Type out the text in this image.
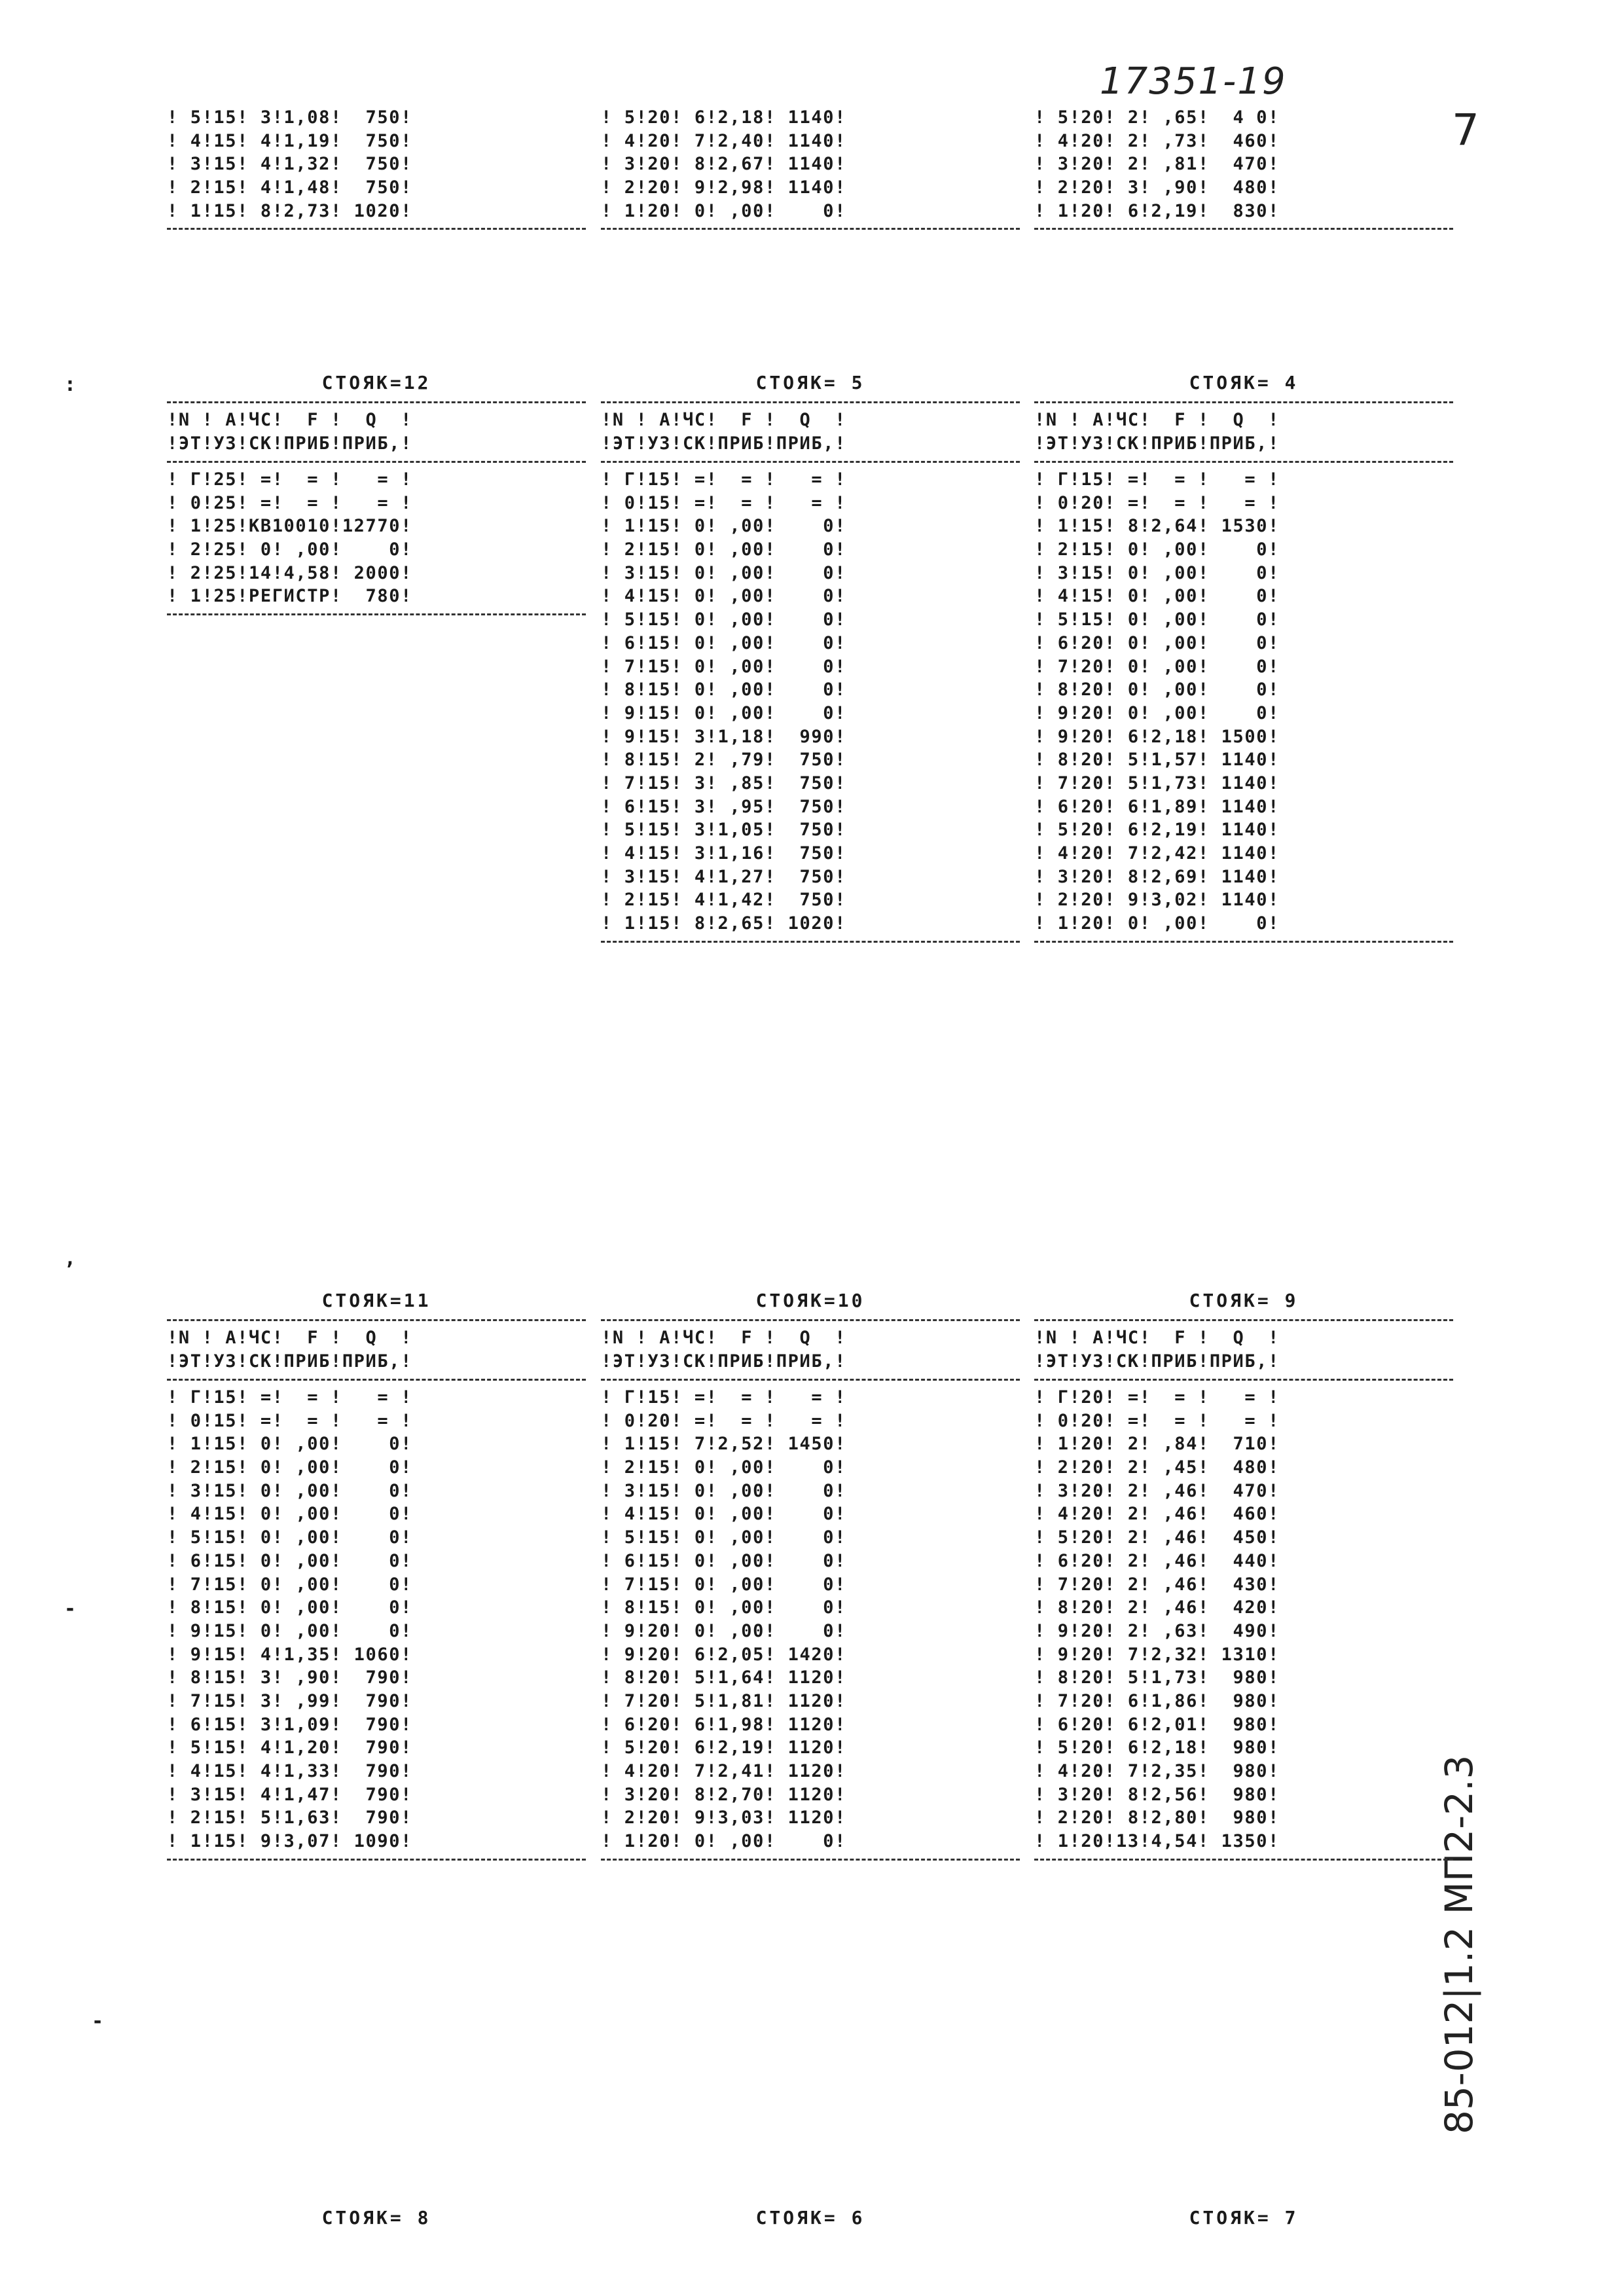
17351-19
7
85-012|1.2 МП2-2.3
! 5!15! 3!1,08!  750!
! 4!15! 4!1,19!  750!
! 3!15! 4!1,32!  750!
! 2!15! 4!1,48!  750!
! 1!15! 8!2,73! 1020!
! 5!20! 6!2,18! 1140!
! 4!20! 7!2,40! 1140!
! 3!20! 8!2,67! 1140!
! 2!20! 9!2,98! 1140!
! 1!20! 0! ,00!    0!
! 5!20! 2! ,65!  4 0!
! 4!20! 2! ,73!  460!
! 3!20! 2! ,81!  470!
! 2!20! 3! ,90!  480!
! 1!20! 6!2,19!  830!
:	СТОЯК=12
!N ! А!ЧС!  F !  Q  !
!ЭТ!УЗ!СК!ПРИБ!ПРИБ,!
! Г!25! =!  = !   = !
! 0!25! =!  = !   = !
! 1!25!КВ10010!12770!
! 2!25! 0! ,00!    0!
! 2!25!14!4,58! 2000!
! 1!25!РЕГИСТР!  780!
СТОЯК= 5
!N ! А!ЧС!  F !  Q  !
!ЭТ!УЗ!СК!ПРИБ!ПРИБ,!
! Г!15! =!  = !   = !
! 0!15! =!  = !   = !
! 1!15! 0! ,00!    0!
! 2!15! 0! ,00!    0!
! 3!15! 0! ,00!    0!
! 4!15! 0! ,00!    0!
! 5!15! 0! ,00!    0!
! 6!15! 0! ,00!    0!
! 7!15! 0! ,00!    0!
! 8!15! 0! ,00!    0!
! 9!15! 0! ,00!    0!
! 9!15! 3!1,18!  990!
! 8!15! 2! ,79!  750!
! 7!15! 3! ,85!  750!
! 6!15! 3! ,95!  750!
! 5!15! 3!1,05!  750!
! 4!15! 3!1,16!  750!
! 3!15! 4!1,27!  750!
! 2!15! 4!1,42!  750!
! 1!15! 8!2,65! 1020!
СТОЯК= 4
!N ! А!ЧС!  F !  Q  !
!ЭТ!УЗ!СК!ПРИБ!ПРИБ,!
! Г!15! =!  = !   = !
! 0!20! =!  = !   = !
! 1!15! 8!2,64! 1530!
! 2!15! 0! ,00!    0!
! 3!15! 0! ,00!    0!
! 4!15! 0! ,00!    0!
! 5!15! 0! ,00!    0!
! 6!20! 0! ,00!    0!
! 7!20! 0! ,00!    0!
! 8!20! 0! ,00!    0!
! 9!20! 0! ,00!    0!
! 9!20! 6!2,18! 1500!
! 8!20! 5!1,57! 1140!
! 7!20! 5!1,73! 1140!
! 6!20! 6!1,89! 1140!
! 5!20! 6!2,19! 1140!
! 4!20! 7!2,42! 1140!
! 3!20! 8!2,69! 1140!
! 2!20! 9!3,02! 1140!
! 1!20! 0! ,00!    0!
,
-
-
СТОЯК=11
!N ! А!ЧС!  F !  Q  !
!ЭТ!УЗ!СК!ПРИБ!ПРИБ,!
! Г!15! =!  = !   = !
! 0!15! =!  = !   = !
! 1!15! 0! ,00!    0!
! 2!15! 0! ,00!    0!
! 3!15! 0! ,00!    0!
! 4!15! 0! ,00!    0!
! 5!15! 0! ,00!    0!
! 6!15! 0! ,00!    0!
! 7!15! 0! ,00!    0!
! 8!15! 0! ,00!    0!
! 9!15! 0! ,00!    0!
! 9!15! 4!1,35! 1060!
! 8!15! 3! ,90!  790!
! 7!15! 3! ,99!  790!
! 6!15! 3!1,09!  790!
! 5!15! 4!1,20!  790!
! 4!15! 4!1,33!  790!
! 3!15! 4!1,47!  790!
! 2!15! 5!1,63!  790!
! 1!15! 9!3,07! 1090!
СТОЯК=10
!N ! А!ЧС!  F !  Q  !
!ЭТ!УЗ!СК!ПРИБ!ПРИБ,!
! Г!15! =!  = !   = !
! 0!20! =!  = !   = !
! 1!15! 7!2,52! 1450!
! 2!15! 0! ,00!    0!
! 3!15! 0! ,00!    0!
! 4!15! 0! ,00!    0!
! 5!15! 0! ,00!    0!
! 6!15! 0! ,00!    0!
! 7!15! 0! ,00!    0!
! 8!15! 0! ,00!    0!
! 9!20! 0! ,00!    0!
! 9!20! 6!2,05! 1420!
! 8!20! 5!1,64! 1120!
! 7!20! 5!1,81! 1120!
! 6!20! 6!1,98! 1120!
! 5!20! 6!2,19! 1120!
! 4!20! 7!2,41! 1120!
! 3!20! 8!2,70! 1120!
! 2!20! 9!3,03! 1120!
! 1!20! 0! ,00!    0!
СТОЯК= 9
!N ! А!ЧС!  F !  Q  !
!ЭТ!УЗ!СК!ПРИБ!ПРИБ,!
! Г!20! =!  = !   = !
! 0!20! =!  = !   = !
! 1!20! 2! ,84!  710!
! 2!20! 2! ,45!  480!
! 3!20! 2! ,46!  470!
! 4!20! 2! ,46!  460!
! 5!20! 2! ,46!  450!
! 6!20! 2! ,46!  440!
! 7!20! 2! ,46!  430!
! 8!20! 2! ,46!  420!
! 9!20! 2! ,63!  490!
! 9!20! 7!2,32! 1310!
! 8!20! 5!1,73!  980!
! 7!20! 6!1,86!  980!
! 6!20! 6!2,01!  980!
! 5!20! 6!2,18!  980!
! 4!20! 7!2,35!  980!
! 3!20! 8!2,56!  980!
! 2!20! 8!2,80!  980!
! 1!20!13!4,54! 1350!
СТОЯК= 8	СТОЯК= 6	СТОЯК= 7
